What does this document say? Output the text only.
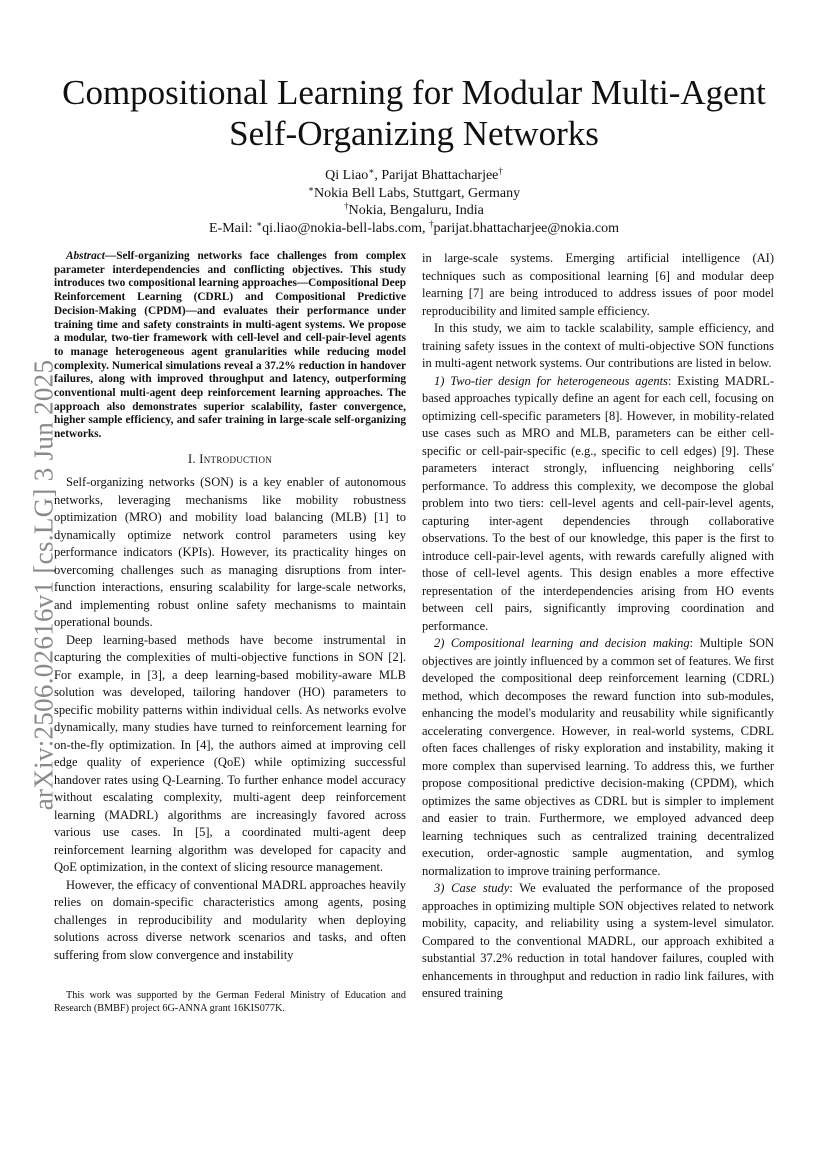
Compositional Learning for Modular Multi-Agent
Self-Organizing Networks
Qi Liao∗, Parijat Bhattacharjee†
∗Nokia Bell Labs, Stuttgart, Germany
†Nokia, Bengaluru, India
E-Mail: ∗qi.liao@nokia-bell-labs.com, †parijat.bhattacharjee@nokia.com
arXiv:2506.02616v1 [cs.LG] 3 Jun 2025

Abstract—Self-organizing networks face challenges from complex parameter interdependencies and conflicting objectives. This study introduces two compositional learning approaches—Compositional Deep Reinforcement Learning (CDRL) and Compositional Predictive Decision-Making (CPDM)—and evaluates their performance under training time and safety constraints in multi-agent systems. We propose a modular, two-tier framework with cell-level and cell-pair-level agents to manage heterogeneous agent granularities while reducing model complexity. Numerical simulations reveal a 37.2% reduction in handover failures, along with improved throughput and latency, outperforming conventional multi-agent deep reinforcement learning approaches. The approach also demonstrates superior scalability, faster convergence, higher sample efficiency, and safer training in large-scale self-organizing networks.

I. Introduction

Self-organizing networks (SON) is a key enabler of autonomous networks, leveraging mechanisms like mobility robustness optimization (MRO) and mobility load balancing (MLB) [1] to dynamically optimize network control parameters using key performance indicators (KPIs). However, its practicality hinges on overcoming challenges such as managing disruptions from inter-function interactions, ensuring scalability for large-scale networks, and implementing robust online safety mechanisms to maintain operational bounds.

Deep learning-based methods have become instrumental in capturing the complexities of multi-objective functions in SON [2]. For example, in [3], a deep learning-based mobility-aware MLB solution was developed, tailoring handover (HO) parameters to specific mobility patterns within individual cells. As networks evolve dynamically, many studies have turned to reinforcement learning for on-the-fly optimization. In [4], the authors aimed at improving cell edge quality of experience (QoE) while optimizing successful handover rates using Q-Learning. To further enhance model accuracy without escalating complexity, multi-agent deep reinforcement learning (MADRL) algorithms are increasingly favored across various use cases. In [5], a coordinated multi-agent deep reinforcement learning algorithm was developed for capacity and QoE optimization, in the context of slicing resource management.

However, the efficacy of conventional MADRL approaches heavily relies on domain-specific characteristics among agents, posing challenges in reproducibility and modularity when deploying solutions across diverse network scenarios and tasks, and often suffering from slow convergence and instability

This work was supported by the German Federal Ministry of Education and Research (BMBF) project 6G-ANNA grant 16KIS077K.

in large-scale systems. Emerging artificial intelligence (AI) techniques such as compositional learning [6] and modular deep learning [7] are being introduced to address issues of poor model reproducibility and limited sample efficiency.

In this study, we aim to tackle scalability, sample efficiency, and training safety issues in the context of multi-objective SON functions in multi-agent network systems. Our contributions are listed in below.

1) Two-tier design for heterogeneous agents: Existing MADRL-based approaches typically define an agent for each cell, focusing on optimizing cell-specific parameters [8]. However, in mobility-related use cases such as MRO and MLB, parameters can be either cell-specific or cell-pair-specific (e.g., specific to cell edges) [9]. These parameters interact strongly, influencing neighboring cells' performance. To address this complexity, we decompose the global problem into two tiers: cell-level agents and cell-pair-level agents, capturing inter-agent dependencies through collaborative observations. To the best of our knowledge, this paper is the first to introduce cell-pair-level agents, with rewards carefully aligned with those of cell-level agents. This design enables a more effective representation of the interdependencies arising from HO events between cell pairs, significantly improving coordination and performance.

2) Compositional learning and decision making: Multiple SON objectives are jointly influenced by a common set of features. We first developed the compositional deep reinforcement learning (CDRL) method, which decomposes the reward function into sub-modules, enhancing the model's modularity and reusability while significantly accelerating convergence. However, in real-world systems, CDRL often faces challenges of risky exploration and instability, making it more complex than supervised learning. To address this, we further propose compositional predictive decision-making (CPDM), which optimizes the same objectives as CDRL but is simpler to implement and easier to train. Furthermore, we employed advanced deep learning techniques such as centralized training decentralized execution, order-agnostic sample augmentation, and symlog normalization to improve training performance.

3) Case study: We evaluated the performance of the proposed approaches in optimizing multiple SON objectives related to network mobility, capacity, and reliability using a system-level simulator. Compared to the conventional MADRL, our approach exhibited a substantial 37.2% reduction in total handover failures, coupled with enhancements in throughput and reduction in radio link failures, with ensured training
